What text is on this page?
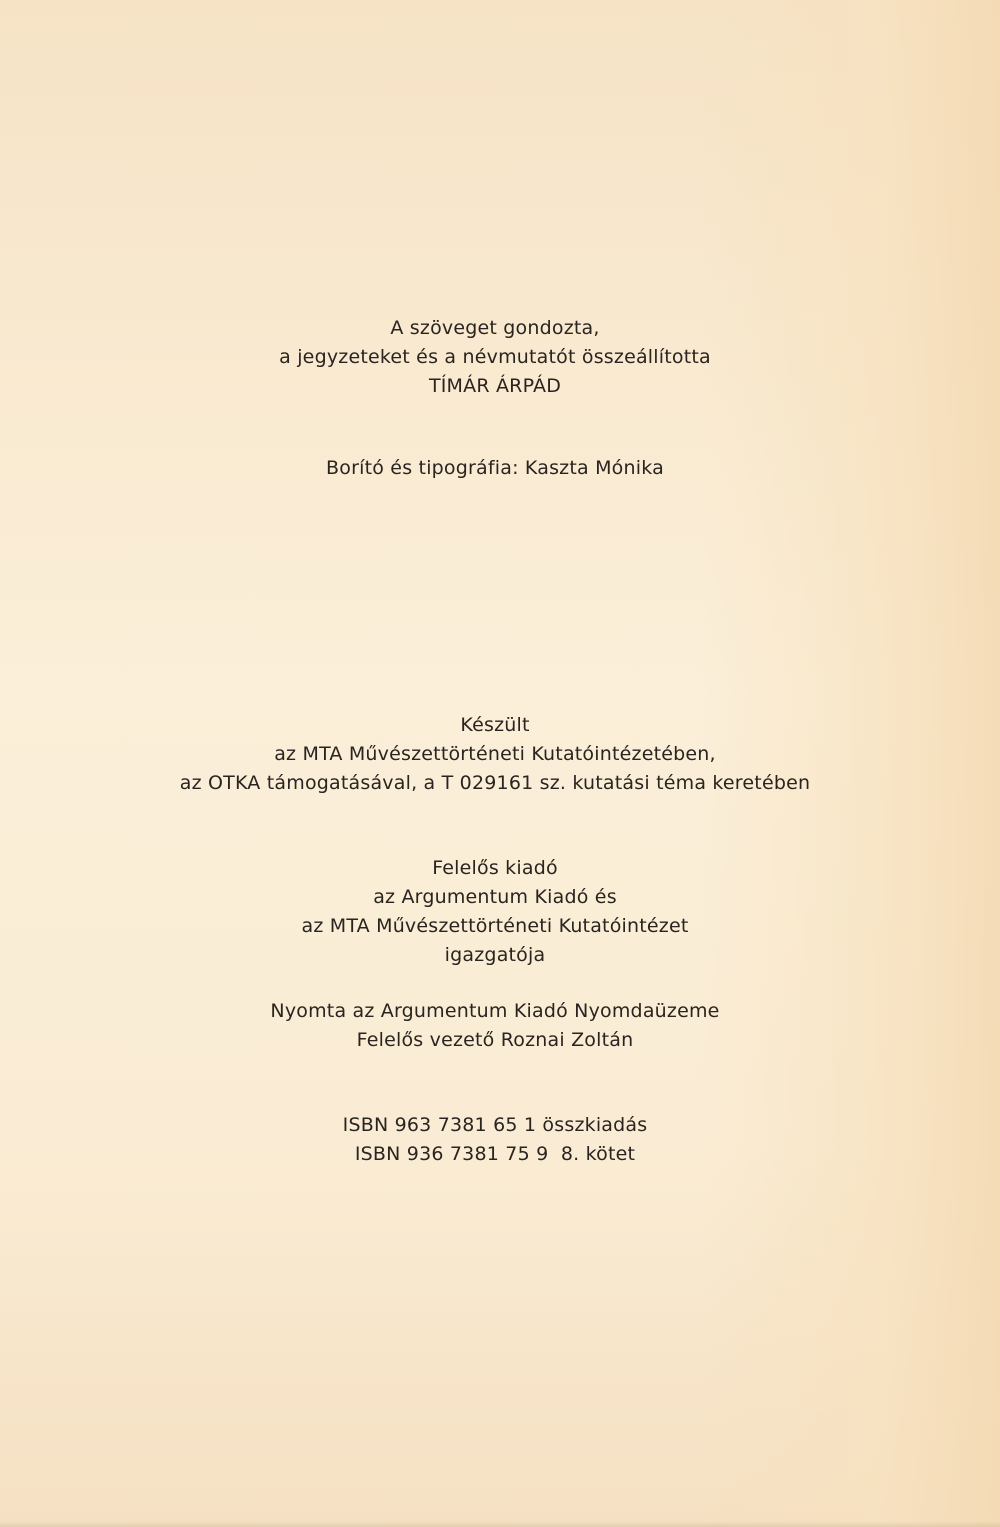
A szöveget gondozta,
a jegyzeteket és a névmutatót összeállította
TÍMÁR ÁRPÁD
Borító és tipográfia: Kaszta Mónika
Készült
az MTA Művészettörténeti Kutatóintézetében,
az OTKA támogatásával, a T 029161 sz. kutatási téma keretében
Felelős kiadó
az Argumentum Kiadó és
az MTA Művészettörténeti Kutatóintézet
igazgatója
Nyomta az Argumentum Kiadó Nyomdaüzeme
Felelős vezető Roznai Zoltán
ISBN 963 7381 65 1 összkiadás
ISBN 936 7381 75 9  8. kötet
